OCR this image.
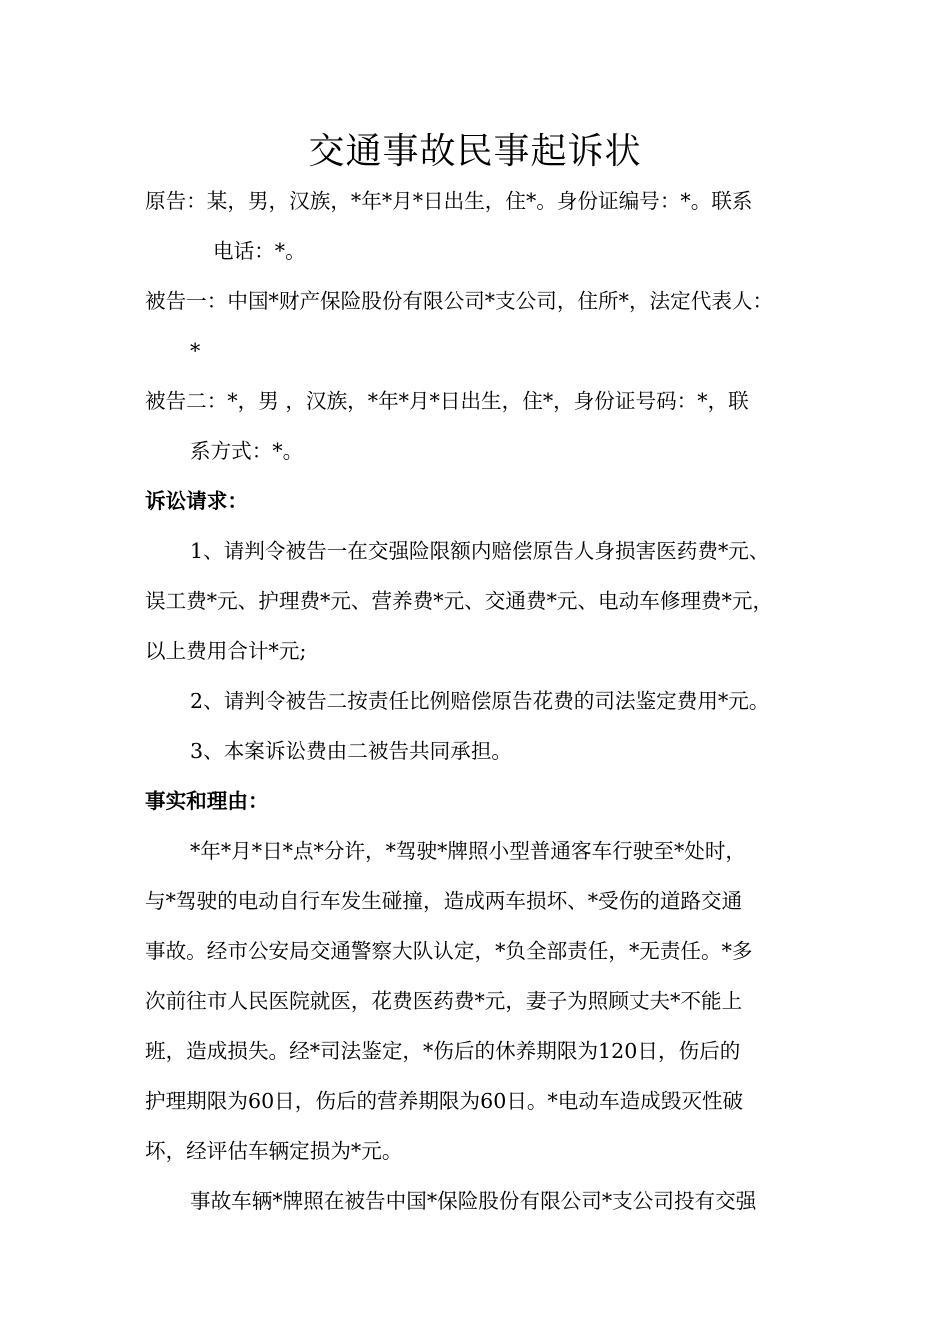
交通事故民事起诉状
原告：某，男，汉族，*年*月*日出生，住*。身份证编号：*。联系
电话：*。
被告一：中国*财产保险股份有限公司*支公司，住所*，法定代表人：
*
被告二：*，男 ，汉族，*年*月*日出生，住*，身份证号码：*，联
系方式：*。
诉讼请求：
1、请判令被告一在交强险限额内赔偿原告人身损害医药费*元、
误工费*元、护理费*元、营养费*元、交通费*元、电动车修理费*元，
以上费用合计*元;
2、请判令被告二按责任比例赔偿原告花费的司法鉴定费用*元。
3、本案诉讼费由二被告共同承担。
事实和理由：
*年*月*日*点*分许，*驾驶*牌照小型普通客车行驶至*处时，
与*驾驶的电动自行车发生碰撞，造成两车损坏、*受伤的道路交通
事故。经市公安局交通警察大队认定，*负全部责任，*无责任。*多
次前往市人民医院就医，花费医药费*元，妻子为照顾丈夫*不能上
班，造成损失。经*司法鉴定，*伤后的休养期限为120日，伤后的
护理期限为60日，伤后的营养期限为60日。*电动车造成毁灭性破
坏，经评估车辆定损为*元。
事故车辆*牌照在被告中国*保险股份有限公司*支公司投有交强
